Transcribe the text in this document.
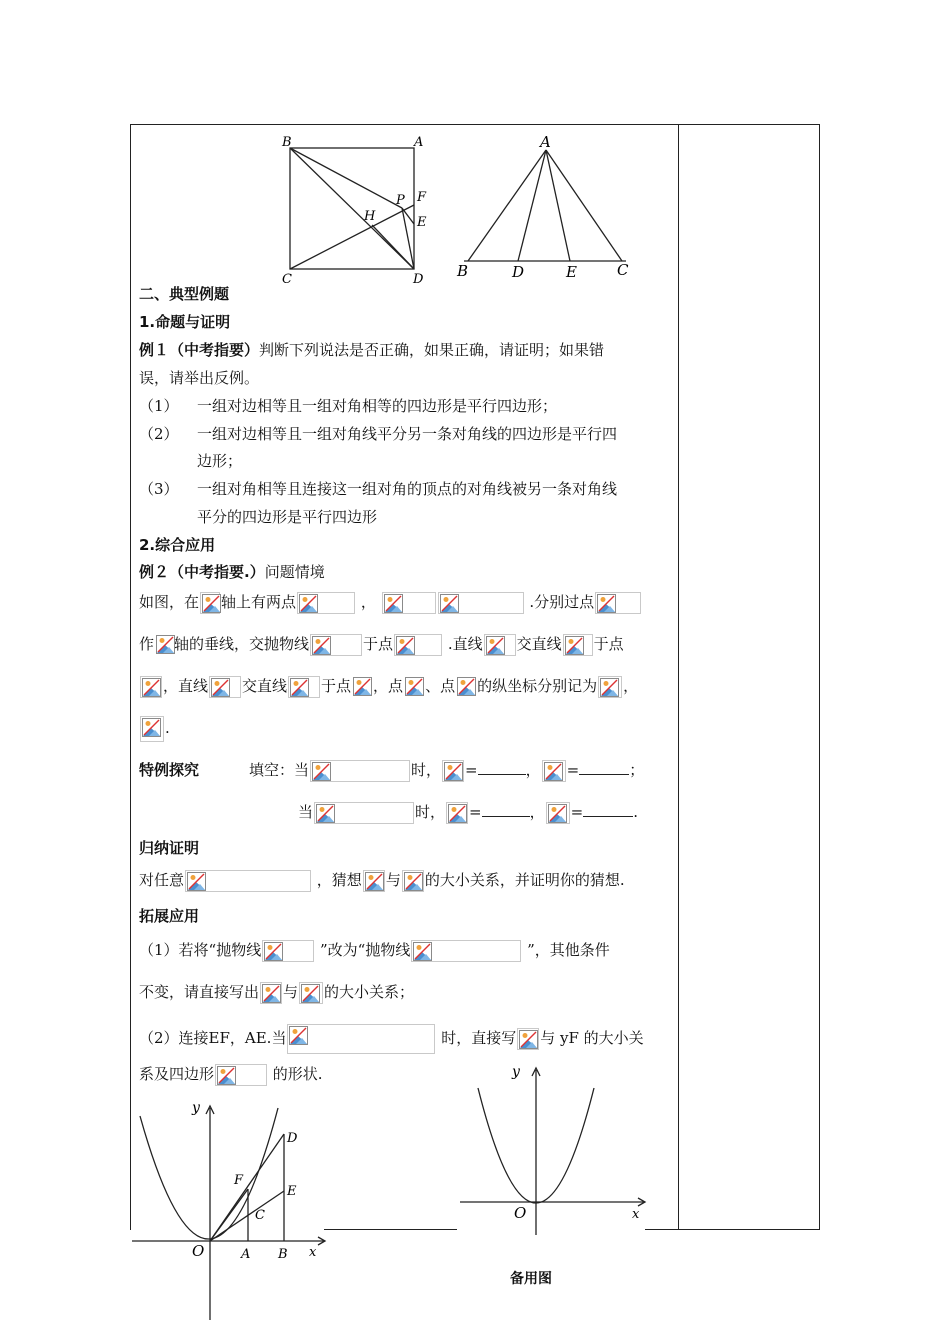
B	A
P F
E
H
C	D
A
B	D	E	C
二、典型例题
1.命题与证明
例１（中考指要）判断下列说法是否正确，如果正确，请证明；如果错
误，请举出反例。
（1） 一组对边相等且一组对角相等的四边形是平行四边形；
（2） 一组对边相等且一组对角线平分另一条对角线的四边形是平行四
边形；
（3） 一组对角相等且连接这一组对角的顶点的对角线被另一条对角线
平分的四边形是平行四边形
2.综合应用
例２（中考指要.）问题情境
如图，在 轴上有两点	，	.分别过点
作 轴的垂线，交抛物线	于点	.直线 交直线 于点
，直线 交直线 于点 ，点 、点 的纵坐标分别记为 ，
.
特例探究	填空：当	时， =	， =	；
当	时， =	， =	.
归纳证明
对任意	，猜想 与 的大小关系，并证明你的猜想.
拓展应用
（1）若将“抛物线	”改为“抛物线	”，其他条件
不变，请直接写出 与 的大小关系；
（2）连接EF，AE.当	时，直接写 与 yF 的大小关
系及四边形	的形状.
y
x
O	A B
C
D
E
F
y
x
O
备用图
